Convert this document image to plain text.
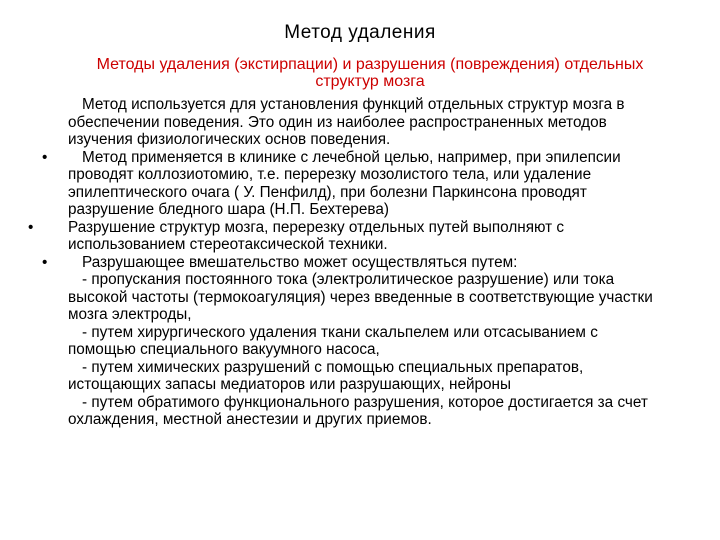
Метод удаления
Методы удаления (экстирпации) и разрушения (повреждения) отдельных структур мозга

Метод используется для установления функций отдельных структур мозга в обеспечении поведения. Это один из наиболее распространенных методов изучения физиологических основ поведения.

• Метод применяется в клинике с лечебной целью, например, при эпилепсии проводят коллозиотомию, т.е. перерезку мозолистого тела, или удаление эпилептического очага ( У. Пенфилд), при болезни Паркинсона проводят разрушение бледного шара (Н.П. Бехтерева)

• Разрушение структур мозга, перерезку отдельных путей выполняют с использованием стереотаксической техники.

• Разрушающее вмешательство может осуществляться путем:

- пропускания постоянного тока (электролитическое разрушение) или тока высокой частоты (термокоагуляция) через введенные в соответствующие участки мозга электроды,

- путем хирургического удаления ткани скальпелем или отсасыванием с помощью специального вакуумного насоса,

- путем химических разрушений с помощью специальных препаратов, истощающих запасы медиаторов или разрушающих, нейроны

- путем обратимого функционального разрушения, которое достигается за счет охлаждения, местной анестезии и других приемов.
